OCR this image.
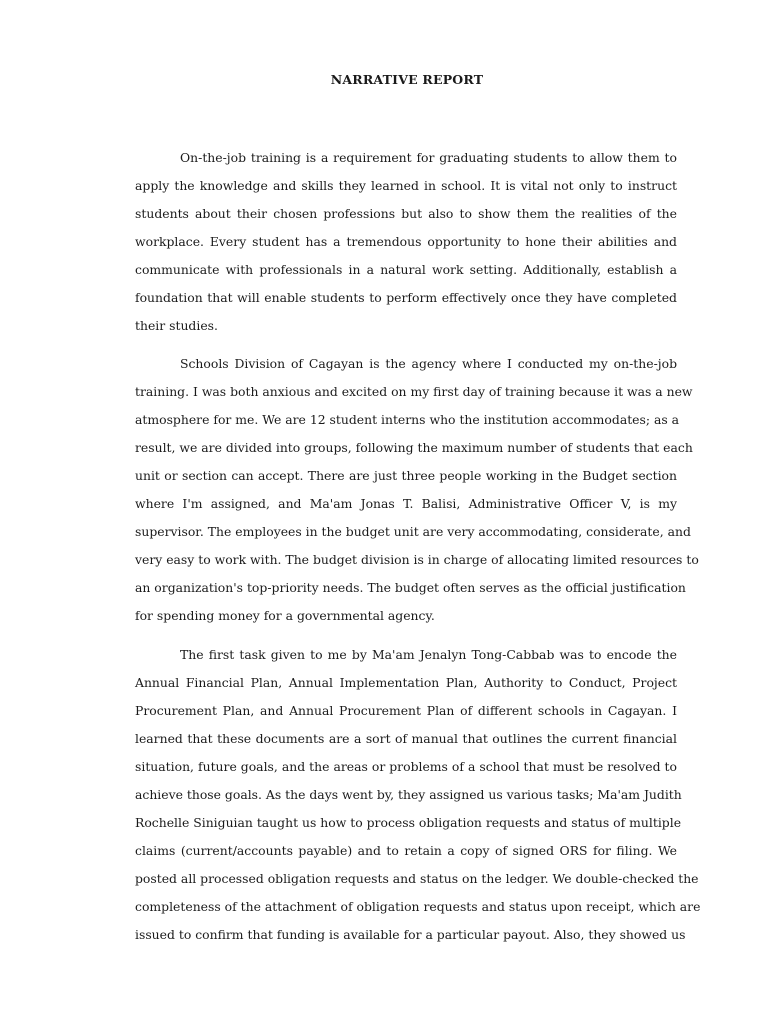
NARRATIVE REPORT

On-the-job training is a requirement for graduating students to allow them to

apply the knowledge and skills they learned in school. It is vital not only to instruct

students about their chosen professions but also to show them the realities of the

workplace. Every student has a tremendous opportunity to hone their abilities and

communicate with professionals in a natural work setting. Additionally, establish a

foundation that will enable students to perform effectively once they have completed

their studies.

Schools Division of Cagayan is the agency where I conducted my on-the-job

training. I was both anxious and excited on my first day of training because it was a new

atmosphere for me. We are 12 student interns who the institution accommodates; as a

result, we are divided into groups, following the maximum number of students that each

unit or section can accept. There are just three people working in the Budget section

where I'm assigned, and Ma'am Jonas T. Balisi, Administrative Officer V, is my

supervisor. The employees in the budget unit are very accommodating, considerate, and

very easy to work with. The budget division is in charge of allocating limited resources to

an organization's top-priority needs. The budget often serves as the official justification

for spending money for a governmental agency.

The first task given to me by Ma'am Jenalyn Tong-Cabbab was to encode the

Annual Financial Plan, Annual Implementation Plan, Authority to Conduct, Project

Procurement Plan, and Annual Procurement Plan of different schools in Cagayan. I

learned that these documents are a sort of manual that outlines the current financial

situation, future goals, and the areas or problems of a school that must be resolved to

achieve those goals. As the days went by, they assigned us various tasks; Ma'am Judith

Rochelle Siniguian taught us how to process obligation requests and status of multiple

claims (current/accounts payable) and to retain a copy of signed ORS for filing. We

posted all processed obligation requests and status on the ledger. We double-checked the

completeness of the attachment of obligation requests and status upon receipt, which are

issued to confirm that funding is available for a particular payout. Also, they showed us
